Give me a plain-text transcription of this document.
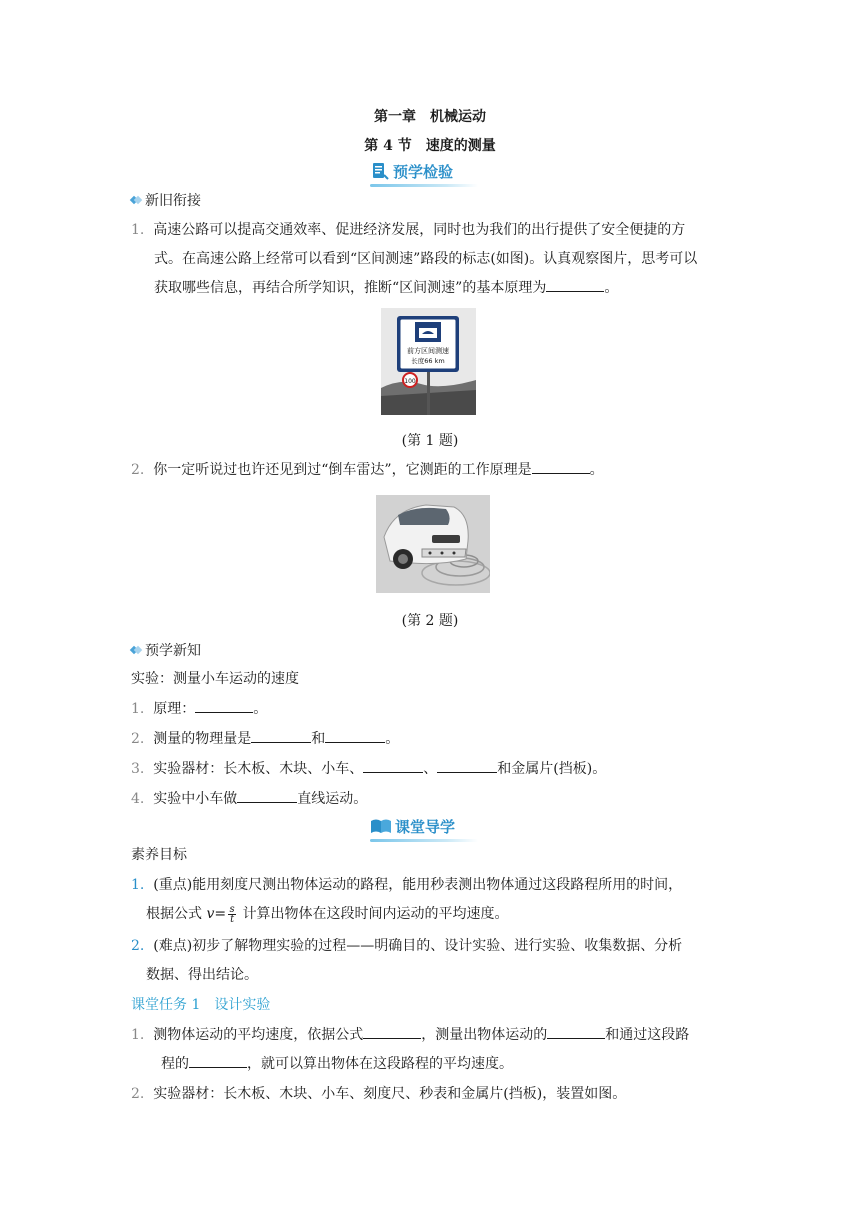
第一章　机械运动
第 4 节　速度的测量
预学检验
新旧衔接
1. 高速公路可以提高交通效率、促进经济发展，同时也为我们的出行提供了安全便捷的方
式。在高速公路上经常可以看到“区间测速”路段的标志(如图)。认真观察图片，思考可以
获取哪些信息，再结合所学知识，推断“区间测速”的基本原理为	。
前方区间测速
长度66 km
100
(第 1 题)
2. 你一定听说过也许还见到过“倒车雷达”，它测距的工作原理是	。
(第 2 题)
预学新知
实验：测量小车运动的速度
1. 原理：	。
2. 测量的物理量是	和	。
3. 实验器材：长木板、木块、小车、	、	和金属片(挡板)。
4. 实验中小车做	直线运动。
课堂导学
素养目标
1. (重点)能用刻度尺测出物体运动的路程，能用秒表测出物体通过这段路程所用的时间，
根据公式 $v= \frac{s}{t}$ 计算出物体在这段时间内运动的平均速度。
2. (难点)初步了解物理实验的过程——明确目的、设计实验、进行实验、收集数据、分析
数据、得出结论。
课堂任务 1　设计实验
1. 测物体运动的平均速度，依据公式	，测量出物体运动的	和通过这段路
程的	，就可以算出物体在这段路程的平均速度。
2. 实验器材：长木板、木块、小车、刻度尺、秒表和金属片(挡板)，装置如图。
